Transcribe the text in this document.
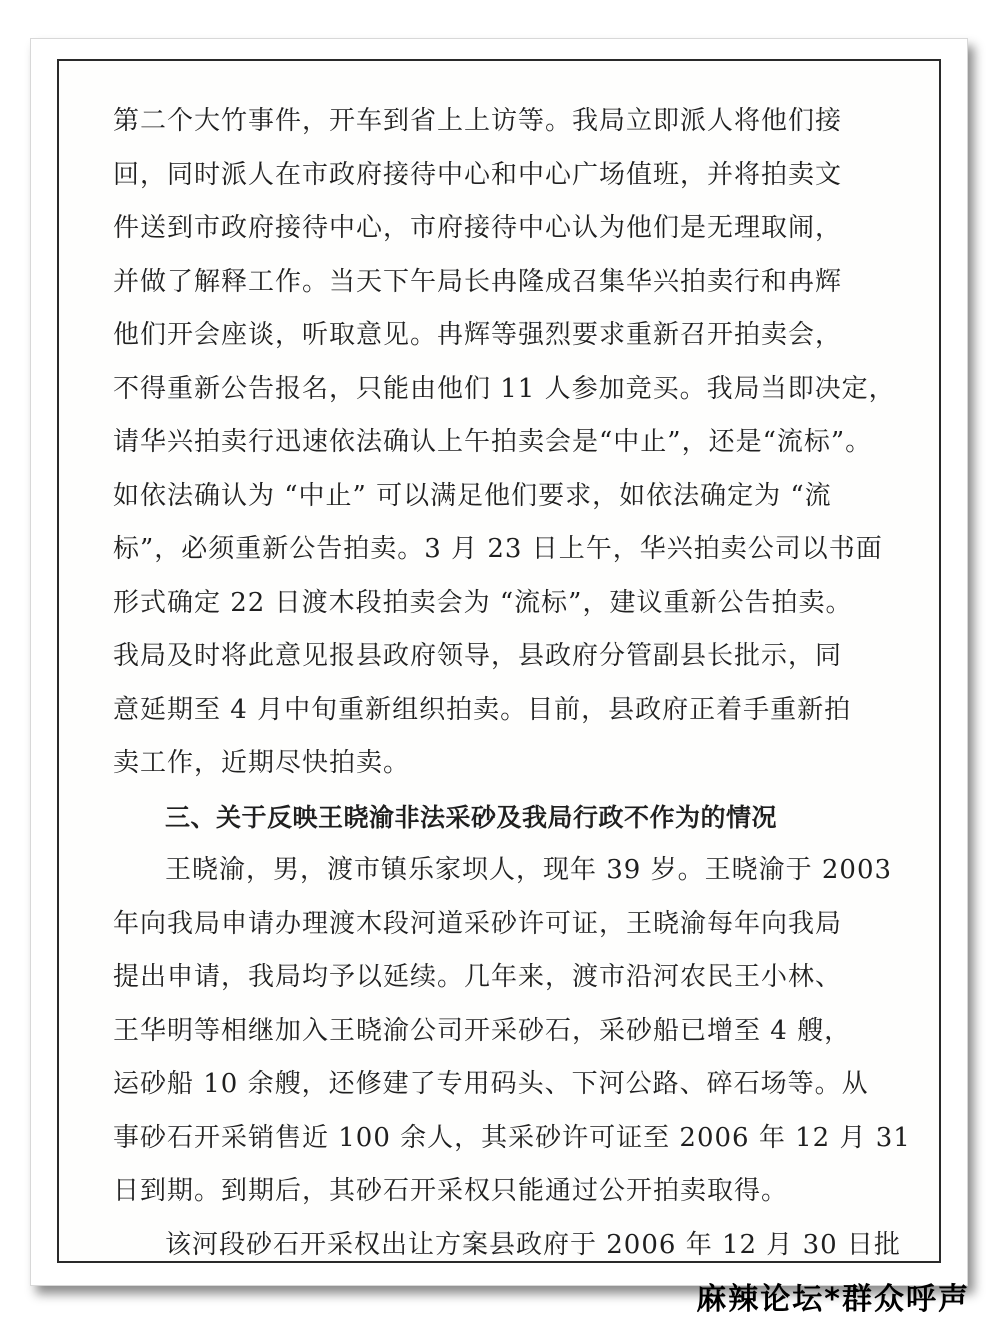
第二个大竹事件，开车到省上上访等。我局立即派人将他们接
回，同时派人在市政府接待中心和中心广场值班，并将拍卖文
件送到市政府接待中心，市府接待中心认为他们是无理取闹，
并做了解释工作。当天下午局长冉隆成召集华兴拍卖行和冉辉
他们开会座谈，听取意见。冉辉等强烈要求重新召开拍卖会，
不得重新公告报名，只能由他们 11 人参加竞买。我局当即决定，
请华兴拍卖行迅速依法确认上午拍卖会是“中止”，还是“流标”。
如依法确认为 “中止” 可以满足他们要求，如依法确定为 “流
标”，必须重新公告拍卖。3 月 23 日上午，华兴拍卖公司以书面
形式确定 22 日渡木段拍卖会为 “流标”，建议重新公告拍卖。
我局及时将此意见报县政府领导，县政府分管副县长批示，同
意延期至 4 月中旬重新组织拍卖。目前，县政府正着手重新拍
卖工作，近期尽快拍卖。
三、关于反映王晓渝非法采砂及我局行政不作为的情况
王晓渝，男，渡市镇乐家坝人，现年 39 岁。王晓渝于 2003
年向我局申请办理渡木段河道采砂许可证，王晓渝每年向我局
提出申请，我局均予以延续。几年来，渡市沿河农民王小林、
王华明等相继加入王晓渝公司开采砂石，采砂船已增至 4 艘，
运砂船 10 余艘，还修建了专用码头、下河公路、碎石场等。从
事砂石开采销售近 100 余人，其采砂许可证至 2006 年 12 月 31
日到期。到期后，其砂石开采权只能通过公开拍卖取得。
该河段砂石开采权出让方案县政府于 2006 年 12 月 30 日批
麻辣论坛*群众呼声
